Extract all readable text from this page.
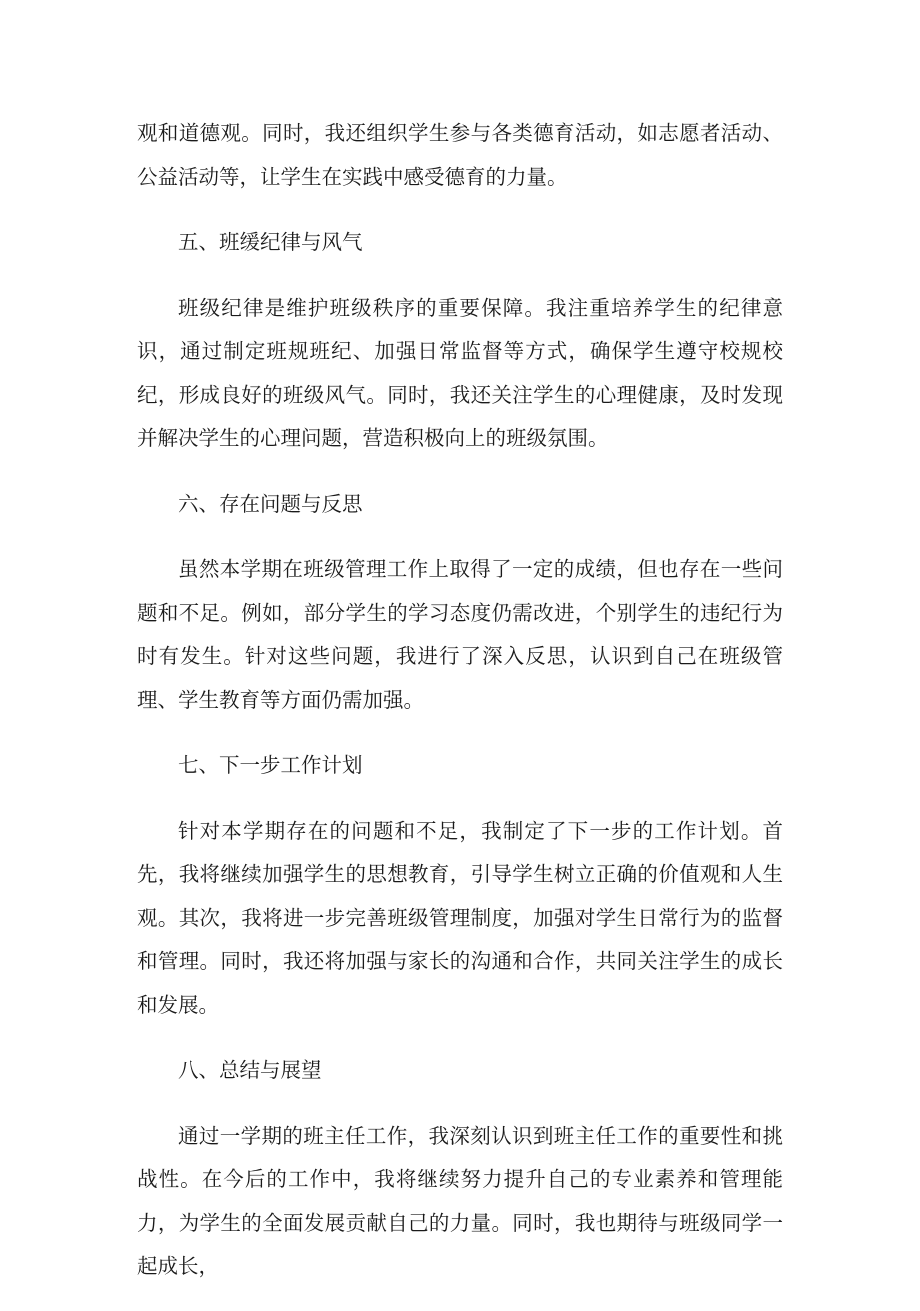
观和道德观。同时，我还组织学生参与各类德育活动，如志愿者活动、公益活动等，让学生在实践中感受德育的力量。

五、班缓纪律与风气

班级纪律是维护班级秩序的重要保障。我注重培养学生的纪律意识，通过制定班规班纪、加强日常监督等方式，确保学生遵守校规校纪，形成良好的班级风气。同时，我还关注学生的心理健康，及时发现并解决学生的心理问题，营造积极向上的班级氛围。

六、存在问题与反思

虽然本学期在班级管理工作上取得了一定的成绩，但也存在一些问题和不足。例如，部分学生的学习态度仍需改进，个别学生的违纪行为时有发生。针对这些问题，我进行了深入反思，认识到自己在班级管理、学生教育等方面仍需加强。

七、下一步工作计划

针对本学期存在的问题和不足，我制定了下一步的工作计划。首先，我将继续加强学生的思想教育，引导学生树立正确的价值观和人生观。其次，我将进一步完善班级管理制度，加强对学生日常行为的监督和管理。同时，我还将加强与家长的沟通和合作，共同关注学生的成长和发展。

八、总结与展望

通过一学期的班主任工作，我深刻认识到班主任工作的重要性和挑战性。在今后的工作中，我将继续努力提升自己的专业素养和管理能力，为学生的全面发展贡献自己的力量。同时，我也期待与班级同学一起成长，
